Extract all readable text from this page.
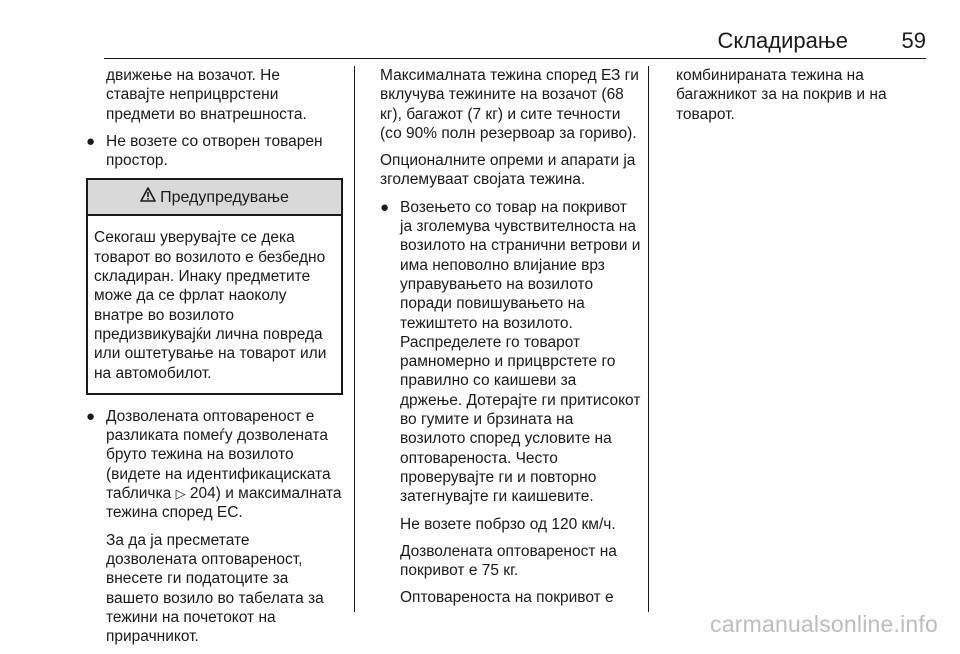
Складирање 59

движење на возачот. Не ставајте неприцврстени предмети во внатрешноста.

● Не возете со отворен товарен простор.
Предупредување
Секогаш уверувајте се дека товарот во возилото е безбедно складиран. Инаку предметите може да се фрлат наоколу внатре во возилото предизвикувајќи лична повреда или оштетување на товарот или на автомобилот.
● Дозволената оптовареност е разликата помеѓу дозволената бруто тежина на возилото (видете на идентификациската табличка ▷ 204) и максималната тежина според ЕС.

За да ја пресметате дозволената оптовареност, внесете ги податоците за вашето возило во табелата за тежини на почетокот на прирачникот.

Максималната тежина според ЕЗ ги вклучува тежините на возачот (68 кг), багажот (7 кг) и сите течности (со 90% полн резервоар за гориво).

Опционалните опреми и апарати ја зголемуваат својата тежина.

● Возењето со товар на покривот ја зголемува чувствителноста на возилото на странични ветрови и има неповолно влијание врз управувањето на возилото поради повишувањето на тежиштето на возилото. Распределете го товарот рамномерно и прицврстете го правилно со каишеви за држење. Дотерајте ги притисокот во гумите и брзината на возилото според условите на оптовареноста. Често проверувајте ги и повторно затегнувајте ги каишевите.

Не возете побрзо од 120 км/ч.

Дозволената оптовареност на покривот е 75 кг.

Оптовареноста на покривот е

комбинираната тежина на багажникот за на покрив и на товарот.

carmanualsonline.info
